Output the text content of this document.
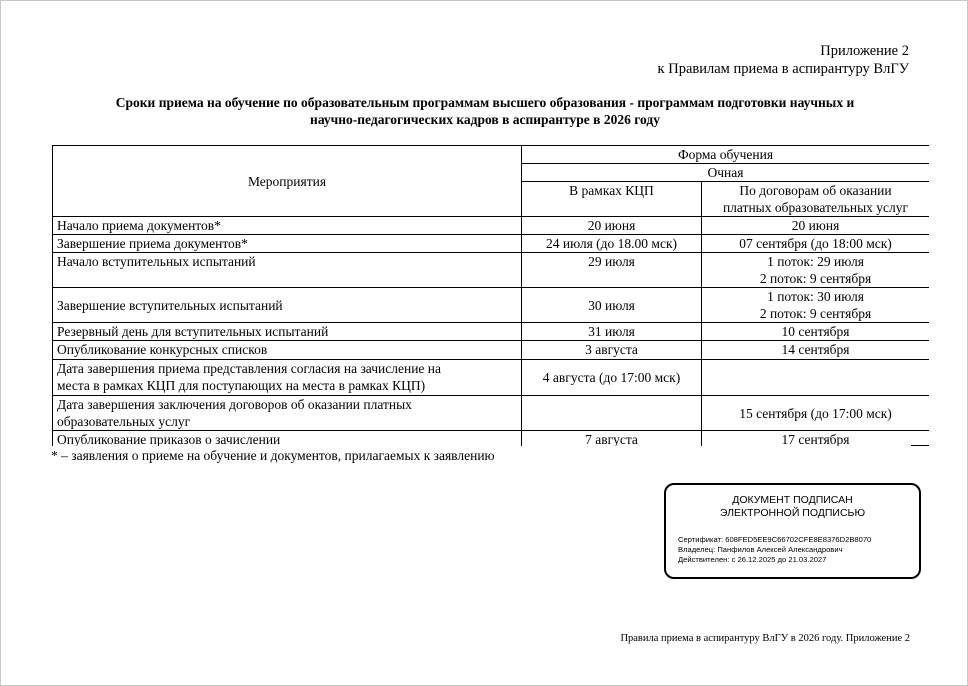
Приложение 2
к Правилам приема в аспирантуру ВлГУ
Сроки приема на обучение по образовательным программам высшего образования - программам подготовки научных и
научно-педагогических кадров в аспирантуре в 2026 году
Мероприятия	Форма обучения	
	Очная	
	В рамках КЦП	По договорам об оказании
платных образовательных услуг

Начало приема документов*	20 июня	20 июня
Завершение приема документов*	24 июля (до 18.00 мск)	07 сентября (до 18:00 мск)
Начало вступительных испытаний	29 июля	1 поток: 29 июля
2 поток: 9 сентября

Завершение вступительных испытаний	30 июля	1 поток: 30 июля
2 поток: 9 сентября

Резервный день для вступительных испытаний	31 июля	10 сентября
Опубликование конкурсных списков	3 августа	14 сентября

Дата завершения приема представления согласия на зачисление на
места в рамках КЦП для поступающих на места в рамках КЦП)	4 августа (до 17:00 мск)	

Дата завершения заключения договоров об оказании платных
образовательных услуг		15 сентября (до 17:00 мск)
Опубликование приказов о зачислении	7 августа	17 сентября
* – заявления о приеме на обучение и документов, прилагаемых к заявлению
ДОКУМЕНТ ПОДПИСАН
ЭЛЕКТРОННОЙ ПОДПИСЬЮ
Сертификат: 608FED5EE9C66702CFE8E8376D2B8070
Владелец: Панфилов Алексей Александрович
Действителен: с 26.12.2025 до 21.03.2027
Правила приема в аспирантуру ВлГУ в 2026 году. Приложение 2
